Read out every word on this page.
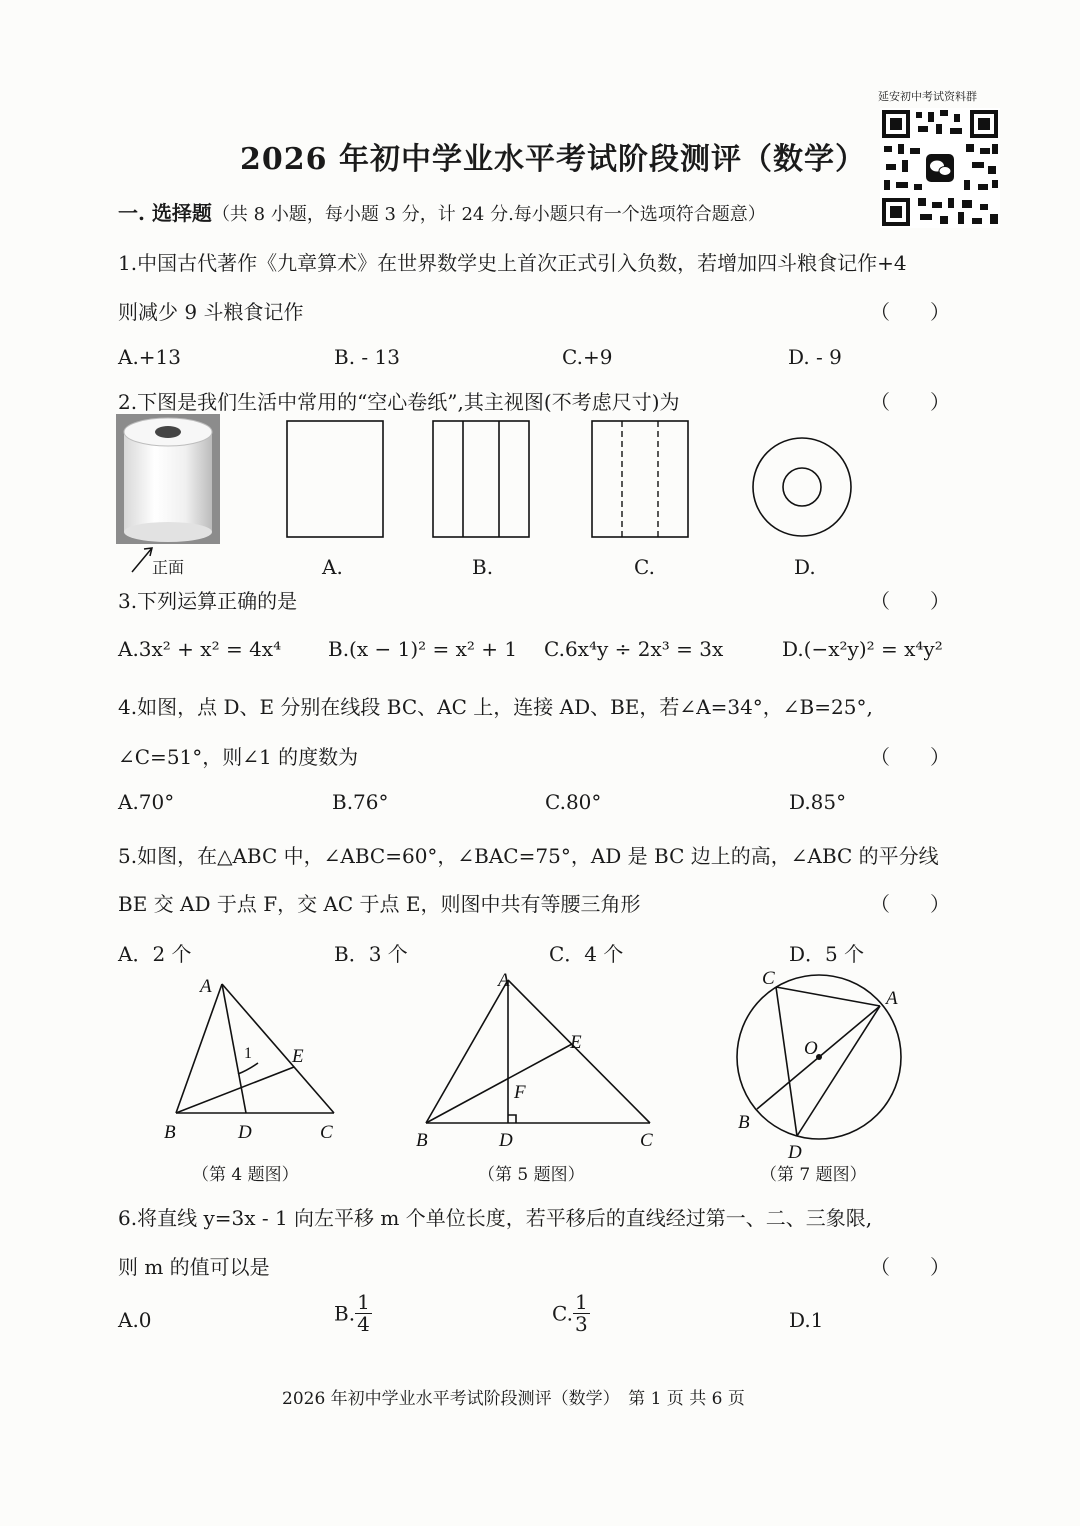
延安初中考试资料群
2026 年初中学业水平考试阶段测评（数学）
一. 选择题（共 8 小题，每小题 3 分，计 24 分.每小题只有一个选项符合题意）
1.中国古代著作《九章算术》在世界数学史上首次正式引入负数，若增加四斗粮食记作+4
则减少 9 斗粮食记作	（　　）
A.+13	B. - 13	C.+9	D. - 9
2.下图是我们生活中常用的“空心卷纸”,其主视图(不考虑尺寸)为	（　　）
正面	A.	B.	C.	D.
3.下列运算正确的是	（　　）
A.3x² + x² = 4x⁴ B.(x − 1)² = x² + 1 C.6x⁴y ÷ 2x³ = 3x	D.(−x²y)² = x⁴y²
4.如图，点 D、E 分别在线段 BC、AC 上，连接 AD、BE，若∠A=34°，∠B=25°,
∠C=51°，则∠1 的度数为	（　　）
A.70°	B.76°	C.80°	D.85°
5.如图，在△ABC 中，∠ABC=60°，∠BAC=75°，AD 是 BC 边上的高，∠ABC 的平分线
BE 交 AD 于点 F，交 AC 于点 E，则图中共有等腰三角形	（　　）
A．2 个	B．3 个	C．4 个	D．5 个
A
B	C
D
E
1
（第 4 题图）
A
B	C
D
E
F
（第 5 题图）
A
B
C
D
O
（第 7 题图）
6.将直线 y=3x - 1 向左平移 m 个单位长度，若平移后的直线经过第一、二、三象限,
则 m 的值可以是	（　　）
A.0	B. $\frac{1}{4}$	C. $\frac{1}{3}$	D.1
2026 年初中学业水平考试阶段测评（数学）　第 1 页 共 6 页
